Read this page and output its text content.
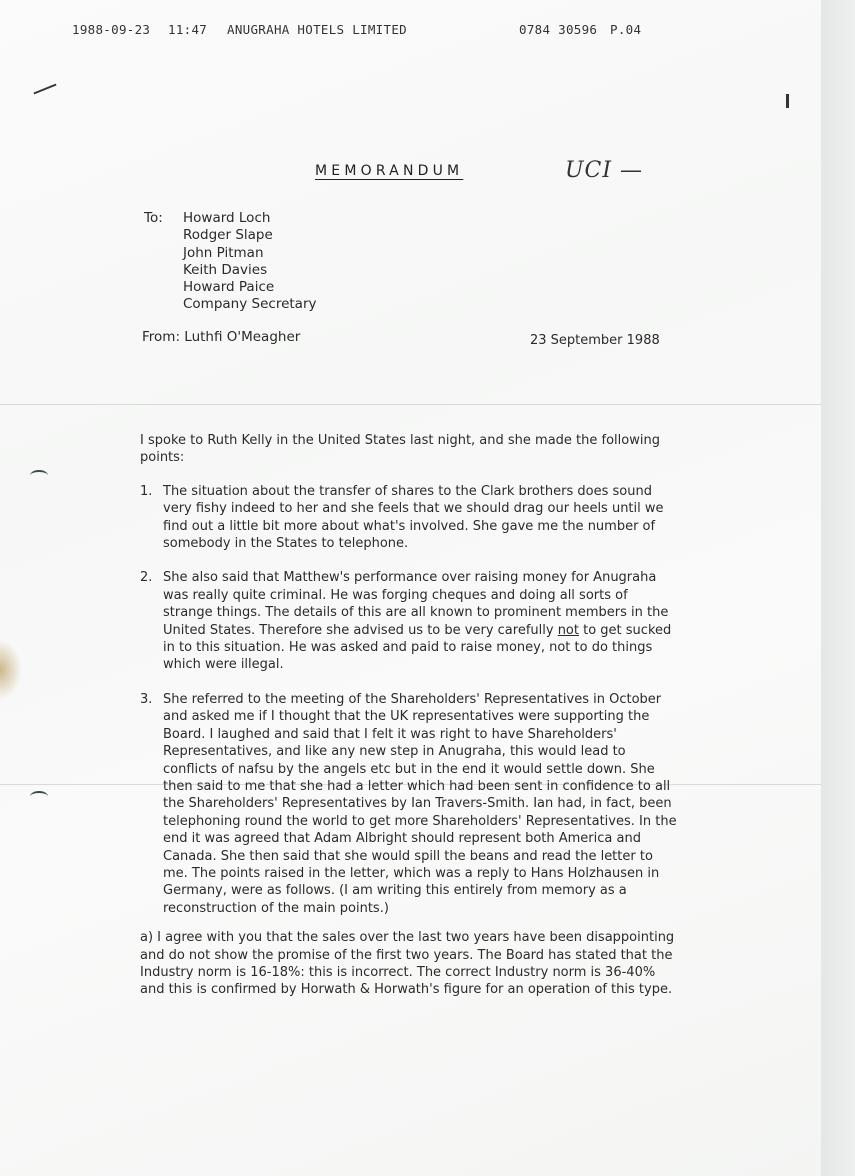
1988-09-23 11:47 ANUGRAHA HOTELS LIMITED	0784 30596 P.04
MEMORANDUM	UCI —
To: Howard Loch
Rodger Slape
John Pitman
Keith Davies
Howard Paice
Company Secretary
From: Luthfi O'Meagher	23 September 1988

I spoke to Ruth Kelly in the United States last night, and she made the following points:

1. The situation about the transfer of shares to the Clark brothers does sound very fishy indeed to her and she feels that we should drag our heels until we find out a little bit more about what's involved. She gave me the number of somebody in the States to telephone.
2. She also said that Matthew's performance over raising money for Anugraha was really quite criminal. He was forging cheques and doing all sorts of strange things. The details of this are all known to prominent members in the United States. Therefore she advised us to be very carefully not to get sucked in to this situation. He was asked and paid to raise money, not to do things which were illegal.
3. She referred to the meeting of the Shareholders' Representatives in October and asked me if I thought that the UK representatives were supporting the Board. I laughed and said that I felt it was right to have Shareholders' Representatives, and like any new step in Anugraha, this would lead to conflicts of nafsu by the angels etc but in the end it would settle down. She then said to me that she had a letter which had been sent in confidence to all the Shareholders' Representatives by Ian Travers-Smith. Ian had, in fact, been telephoning round the world to get more Shareholders' Representatives. In the end it was agreed that Adam Albright should represent both America and Canada. She then said that she would spill the beans and read the letter to me. The points raised in the letter, which was a reply to Hans Holzhausen in Germany, were as follows. (I am writing this entirely from memory as a reconstruction of the main points.)

a) I agree with you that the sales over the last two years have been disappointing and do not show the promise of the first two years. The Board has stated that the Industry norm is 16-18%: this is incorrect. The correct Industry norm is 36-40% and this is confirmed by Horwath & Horwath's figure for an operation of this type.
